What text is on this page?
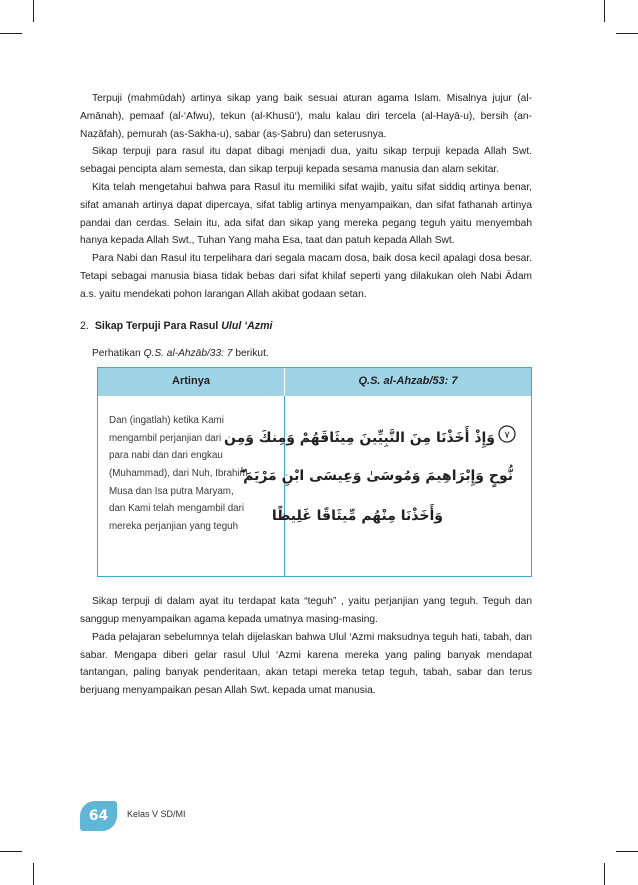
Terpuji (maḥmūdah) artinya sikap yang baik sesuai aturan agama Islam. Misalnya jujur (al-Amānah), pemaaf (al-‘Afwu), tekun (al-Khusū‘), malu kalau diri tercela (al-Hayā-u), bersih (an-Naẓāfah), pemurah (as-Sakha-u), sabar (aṣ-Ṣabru) dan seterusnya.

Sikap terpuji para rasul itu dapat dibagi menjadi dua, yaitu sikap terpuji kepada Allah Swt. sebagai pencipta alam semesta, dan sikap terpuji kepada sesama manusia dan alam sekitar.

Kita telah mengetahui bahwa para Rasul itu memiliki sifat wajib, yaitu sifat siddiq artinya benar, sifat amanah artinya dapat dipercaya, sifat tablig artinya menyampaikan, dan sifat fathanah artinya pandai dan cerdas. Selain itu, ada sifat dan sikap yang mereka pegang teguh yaitu menyembah hanya kepada Allah Swt., Tuhan Yang maha Esa, taat dan patuh kepada Allah Swt.

Para Nabi dan Rasul itu terpelihara dari segala macam dosa, baik dosa kecil apalagi dosa besar. Tetapi sebagai manusia biasa tidak bebas dari sifat khilaf seperti yang dilakukan oleh Nabi Ādam a.s. yaitu mendekati pohon larangan Allah akibat godaan setan.

2. Sikap Terpuji Para Rasul Ulul ‘Azmi
Perhatikan Q.S. al-Ahzāb/33: 7 berikut.
Artinya	Q.S. al-Ahzab/53: 7
Dan (ingatlah) ketika Kami
mengambil perjanjian dari
para nabi dan dari engkau
(Muhammad), dari Nuh, Ibrahim,
Musa dan Isa putra Maryam,
dan Kami telah mengambil dari
mereka perjanjian yang teguh
٧
وَإِذْ أَخَذْنَا مِنَ النَّبِيِّينَ مِيثَاقَهُمْ وَمِنكَ وَمِن
نُّوحٍ وَإِبْرَاهِيمَ وَمُوسَىٰ وَعِيسَى ابْنِ مَرْيَمَ ۖ
وَأَخَذْنَا مِنْهُم مِّيثَاقًا غَلِيظًا

Sikap terpuji di dalam ayat itu terdapat kata “teguh” , yaitu perjanjian yang teguh. Teguh dan sanggup menyampaikan agama kepada umatnya masing-masing.

Pada pelajaran sebelumnya telah dijelaskan bahwa Ulul ‘Azmi maksudnya teguh hati, tabah, dan sabar. Mengapa diberi gelar rasul Ulul ‘Azmi karena mereka yang paling banyak mendapat tantangan, paling banyak penderitaan, akan tetapi mereka tetap teguh, tabah, sabar dan terus berjuang menyampaikan pesan Allah Swt. kepada umat manusia.

64 Kelas V SD/MI
